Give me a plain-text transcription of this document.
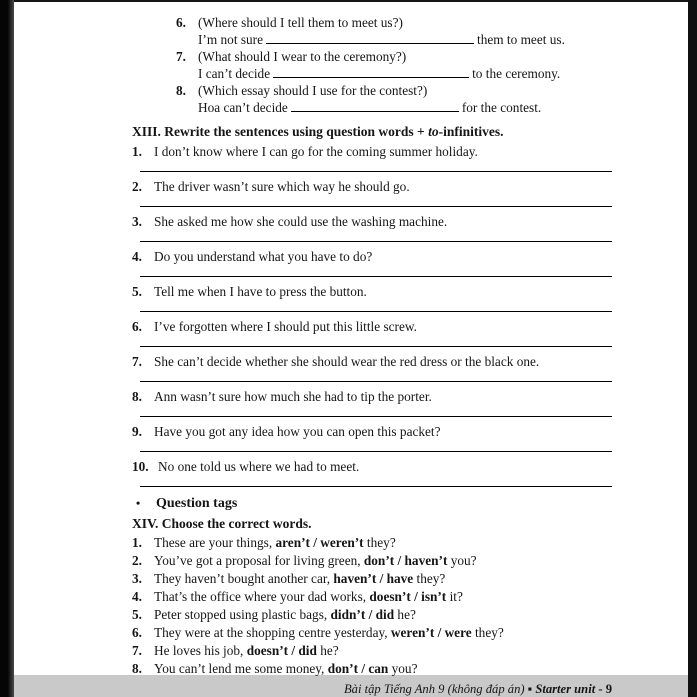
6. (Where should I tell them to meet us?)
I’m not sure	them to meet us.
7. (What should I wear to the ceremony?)
I can’t decide	to the ceremony.
8. (Which essay should I use for the contest?)
Hoa can’t decide	for the contest.
XIII. Rewrite the sentences using question words + to-infinitives.
1. I don’t know where I can go for the coming summer holiday.
2. The driver wasn’t sure which way he should go.
3. She asked me how she could use the washing machine.
4. Do you understand what you have to do?
5. Tell me when I have to press the button.
6. I’ve forgotten where I should put this little screw.
7. She can’t decide whether she should wear the red dress or the black one.
8. Ann wasn’t sure how much she had to tip the porter.
9. Have you got any idea how you can open this packet?
10. No one told us where we had to meet.
• Question tags
XIV. Choose the correct words.
1. These are your things, aren’t / weren’t they?
2. You’ve got a proposal for living green, don’t / haven’t you?
3. They haven’t bought another car, haven’t / have they?
4. That’s the office where your dad works, doesn’t / isn’t it?
5. Peter stopped using plastic bags, didn’t / did he?
6. They were at the shopping centre yesterday, weren’t / were they?
7. He loves his job, doesn’t / did he?
8. You can’t lend me some money, don’t / can you?
Bài tập Tiếng Anh 9 (không đáp án) ▪ Starter unit - 9
